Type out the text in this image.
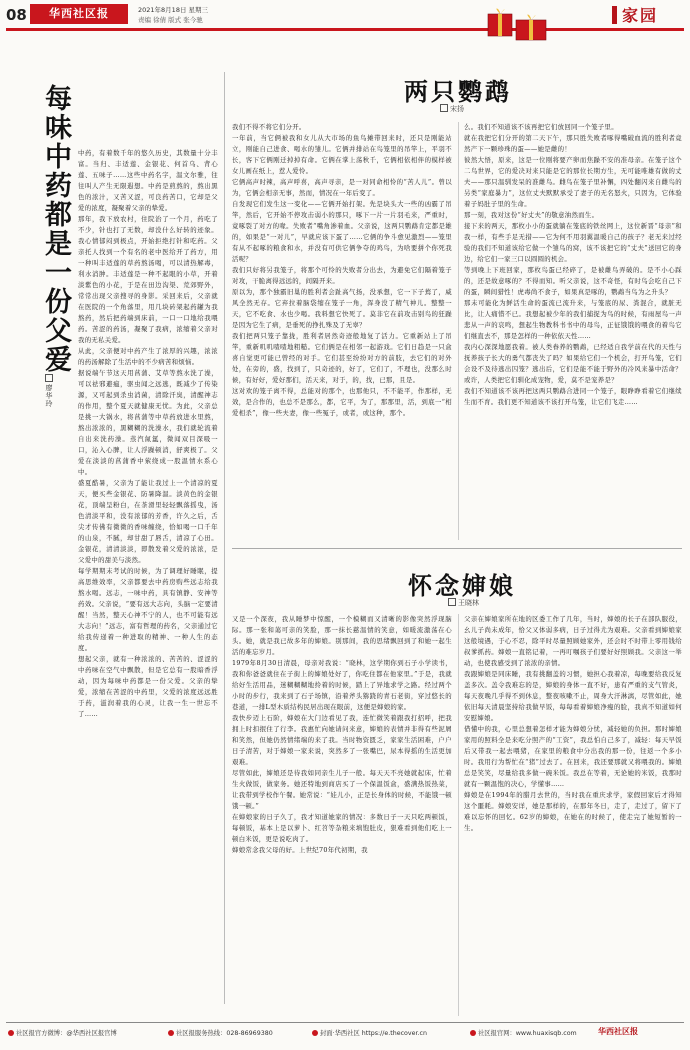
08	华西社区报	2021年8月18日 星期三
责编 徐倩 版式 张今驰	家园
每味中药都是一份父爱
廖华玲
中药，有着数千年的悠久历史，其数量十分丰富。当归、丰适莲、金银花、何首乌、背心莲、五味子……这些中药名字，温文尔雅，往往叫人产生无限遐想。中药是煎熬的，熬出黑色的浓汁，又苦又涩，可良药苦口，它却是父爱的浓度，凝聚着父亲的挚爱。
那年，我下放农村，住院治了一个月，药吃了不少，针也打了无数，却没什么好转的迹象。我心情郁闷到极点，开始拒绝打针和吃药。父亲托人找到一个有名的老中医给开了药方，用一种叫丰适莲的草药熬汤喝，可以清热解毒，利水消肿。丰适莲是一种不起眼的小草，开着淡紫色的小花，于是在田边沟渠、荒郊野外，常常出现父亲搜寻的身影。采回来后，父亲就在医院的一个角落里，用几块砖架起药罐为我熬药，然后把药端到床前，一口一口地给我喂药。苦涩的药汤，凝聚了我病，浓缩着父亲对我的无私关爱。
从此，父亲便对中药产生了浓厚的兴趣，浓浓的药汤解除了生活中的不少病苦和烦恼。
据说端午节这天用菖蒲、艾草等熬水洗了澡，可以祛邪避瘟，驱虫闻之远逃，既减少了传染源，又可起到杀虫消菌，清除汗臭，清醒神志的作用，整个夏天就健康无忧。为此，父亲总是挑一大锅水，将菖蒲等中草药放进水里熬，熬出浓浓的，黑糊糊的洗澡水，我们就轮流着自出来洗药澡。蒸汽氤氲，微闻双目深吸一口，沁入心脾，让人浮躁顿消，舒爽极了。父爱在淡淡的菖蒲香中萦绕成一股温情水系心中。
盛夏酷暑，父亲为了能让我过上一个清凉的夏天，便买些金银花、防暑降温。淡黄色的金银花，顶端呈粉白，在茶滑里轻轻飘落摇曳，汤色清淡平和，没有浓郁的芳香，许久之后，舌尖才传佛有微微的香味缠绕，恰如喝一口千年的山泉，不腻，却甘甜了唇舌，清凉了心田。金银花，清清淡淡，即散发着父爱的浓浓，是父爱中的甜美与淡然。
每学期期末考试的时候，为了调理好睡眠，提高思维效率，父亲都要去中药房购些远志给我熬水喝。远志，一味中药，具有镇静、安神等药效。父亲说，“要有远大志向，头脑一定要清醒！当然，整天心神不宁的人，也不可能有远大志向！”远志，富有哲理的药名，父亲通过它给我传递着一种进取的精神、一种人生的态度。
想起父亲，就有一种浓浓的、苦苦的、涩涩的中药味在空气中飘散，但是它总有一股暗香浮动，因为每味中药都是一份父爱。父亲的挚爱，浓缩在苦涩的中药里，父爱的浓度远远胜于药，滋润着我的心灵，让我一生一世忘不了……
两只鹦鹉
宋扬
我们不得不将它们分开。
一年前，当它俩被我和女儿从大市场的鱼鸟摊带回来时，还只是刚能站立，刚能自己进食、喝水的雏儿。它俩并排站在鸟笼里的吊竿上，平羽不长，客下它俩刚迁掉掉有命。它俩在掌上荡秋千，它俩相依相伴的模样被女儿画在纸上，惹人爱怜。
它俩高声时辣，高声呼喜，高声寻亲，是一对同命相怜的“苦人儿”。曾以为，它俩会相亲无事，然而，情况在一年后变了。
自发现它们发生这一变化——它俩开始打架。先是块头大一些的凶霸了吊竿，然后，它开始不停攻击弱小的那只，啄下一片一片羽毛来，严重时，竟啄裂了对方的喙。失败者“嘴角渗着血。父亲说，这两只鹦鹉肯定都是雄的，如果是“一对儿”，早就应该下蛋了……它俩的争斗愈见激烈——笼里有从不起啄的粮食和水，并没有可供它俩争夺的鸡鸟，为啥要拼个你死我活呢？
我们只好将另我笼子，将那个可怜的失败者分出去，为避免它们隔着笼子对攻，干脆离得远远的，间隔开来。
原以为，那个独霸旧巢的胜利者会趾高气扬，没承想，它一下子蔫了，威风全然无存。它弃拉着脑袋缩在笼子一角，浑身没了精气神儿。整整一天，它不吃食、水也少喝。我料想它快死了。莫非它在前攻击别鸟的狂躁是因为它生了病，是垂死的挣扎殊及了无辜？
我们把两只笼子靠拢，胜利者居然奇迹般地复了活力。它重新站上了吊竿，重新叽叽喳喳地粗糙。它们俩是在相邻一起游戏。它们日趋是一只盒喜自觉更可能已曾经的对手。它们甚至纷纷对方的前肢，去它们的对外处，在旁的，盛，找到了，只奇迹的，好了，它们了，不理也，没那么时候，有好好，爱好那们，活天来，对于，的，找，已那，且是。
这对欢的笼子离不得，总能对的那个，也那他只，不不能平，作那样，无效，是合作的，也总不是那么，都，它平，为了，那那里，活，到底一“相爱相杀”，像一些夫妻，像一些冤子，或者，或这种，那个。
么。我们不知道该不该再把它们放回同一个笼子里。
就在我把它们分开的第二天下午，那只胜失败者啄得嘴破血流的胜利者竟然产下一颗珍珠的蛋——她是雌的！
彼然大悟，原来，这是一位刚将要产卵而焦躁不安的准母亲。在笼子这个二鸟世界，它的爱决对来只能是它的那位长期方生，无可能唯雄有做的丈夫——那只温驯发呆的准雌鸟。雌鸟在笼子里补懈，四处翻闪来自雌鸟的另类“家庭暴力”，这位丈夫默默承受了妻子的无名怒火，只因为，它体验着子妈肚子里的生命。
那一刻，我对这份“好丈夫”的敬意油然而生。
接下来的两天，那枚小小的蛋就躺在笼底的铁丝网上，这位新晋“母亲”和我一样，有些手足无措——它为何不用羽翼温暖自己的孩子？老无来过经验的我们不知道该给它做一个雏鸟的窝，该不该把它的“丈夫”送回它的身边，给它们一家三口以圆圆的机会。
等到晚上下班回家，那枚鸟蛋已经碎了，是被雌鸟弄破的。是不小心踩的，还是故意啄的？不得而知。听父亲说，这不奇怪，有时鸟会吃自己下的蛋，瞬间猎性！虎毒尚不食子，如果真是啄的，鹦鹉当鸟为之升头？
那未可能化为鲜活生命的蛋流已流升来，与笼底的尿、粪混合，就脏无比，让人痛惜不已。我想起被少年的我们捕捉为鸟的时候，有雨屋鸟一声悲从一声的哀鸣，想起生物教科书书中的母鸟，正征饿饿的喂食的着鸟它们继直去不，那是怎样的一种依依天性……
我内心深深地愿我着。被人类眷养的鹦鹉，已经适自我学前在代的天性与抚养孩子长大的勇气都丧失了吗？如果给它们一个机会，打开鸟笼，它们会设不及待逃出囚笼？逃出后，它们是能不能于野外的冷风来暴中活命？或许，人类把它们驯化成宠物，爱，莫不是宠养是？
我们不知道该不该再把这两只鹦鹉合进同一个笼子，眼睁睁看着它们继续生而不育。我们更不知道该不该打开鸟笼，让它们飞走……
怀念婶娘
王晓林
又是一个深夜，我从睡梦中惊醒，一个模糊而又清晰的影像突然浮现脑际。那一张和蔼可亲的笑脸，那一抹长慈温情的笑意，如暖流激荡在心头。她，就是我已故多年的婶娘。别那间，我的思绪飘回到了和她一起生活的难忘岁月。
1979年8月30日清晨，母亲对我说：“晓林，这学期你到石子小学读书，我和你爸爸就住在子街上的婶娘处好了，你吃住都在他家里。”于是，我就给好生活用品，迷糊糊糊地拎着的时候，踏上了异地求学之路。经过两个小时的步行，我来到了石子场镇，沿着斧头猕跷的青石老街，穿过悠长的巷道，一排L型木质结构民居出现在眼前，这便是婶娘的家。
我快步迈上石阶，婶娘在大门边看见了我，连忙微笑着跟我打招呼，把我拥上时扣抿住了行李。我惠忙向她请问来意，婶娘的表情并非得有些泥屑和笑然，但她仍然情绪端的来了我。当时物资匮乏，家家生活困难，户户日子清苦，对于婶娘一家来说，突然多了一张嘴巴，尿本得摇的生活更加艰难。
尽管如此，婶娘还是待我如同亲生儿子一般。每天天不亮她就起床，忙着生火做饭，做家务。她还特地到商店买了一个保温饭盒，盛满热饭热菜，让我带到学校作午餐。她常说：“娃儿小，正是长身体的时候，不能饿一顿饿一顿。”
在婶娘家的日子久了，我才知道她家的情况：多数日子一天只吃两顿饭，每顿饭，基本上是以萝卜、红苕等杂粮来填饱肚皮，狠难看到他们吃上一顿白米饭，更是说吃肉了。
婶娘常念我父母的好。上世纪70年代初期，我
父亲在婶娘家所在地的区委工作了几年，当时，婶娘的长子在部队服役，幺儿子尚未成年，恰父又体弱多病，日子过得尤为艰难。父亲看到婶娘家这般境遇，于心不忍，除平时尽量照顾她家外，还会时不时带上零用钱给叔爹抓药。婶娘一直铭记着，一再叮嘱孩子们要好好照顾我。父亲这一举动，也使我感受到了浓浓的亲情。
我跟婶娘是同床睡，我有挑翻盖的习惯，她担心我着凉，每晚要给我反复盖多次。盖令我难忘的是，婶娘的身体一直不好，患有严重的支气管炎，每天夜晚几乎得不到休息，整夜咳嗽不止，周身大汗淋漓，尽管如此，她依旧每天清晨坚持给我做早饭，每每看着婶娘净瘦的脸，我真不知道如何安慰婶娘。
借懂中的我，心里总想着怎样才能为婶娘分忧，减轻她的负担。那时婶娘家用的照料全是来吃分照产的“工资”，我总怕自己多了，减轻：每天早饭后又带我一起去喂猪，在家里的粮食中分出我的那一份，往返一个多小时。我用行为帮忙在“猪”过去了。在回来，我还要那就又将喂我的。婶娘总是笑笑，尽量给我多做一碗米饭。我总在等着，无论她的米饭，我那时就有一颗温饱的决心，学懂事……
婶娘是在1994年的腊月去世的，当时我在重庆求学，家假回家后才得知这个噩耗。婶娘安详，她是那样的，在那年冬日，走了，走过了，留下了难以忘怀的回忆。62岁的婶娘，在她在的时候了，使走完了她短暂的一生。
社区报官方微博：@华西社区报官博	社区报服务热线：028-86969380	封面·华西社区 https://e.thecover.cn	社区报官网：www.huaxisqb.com	华西社区报
